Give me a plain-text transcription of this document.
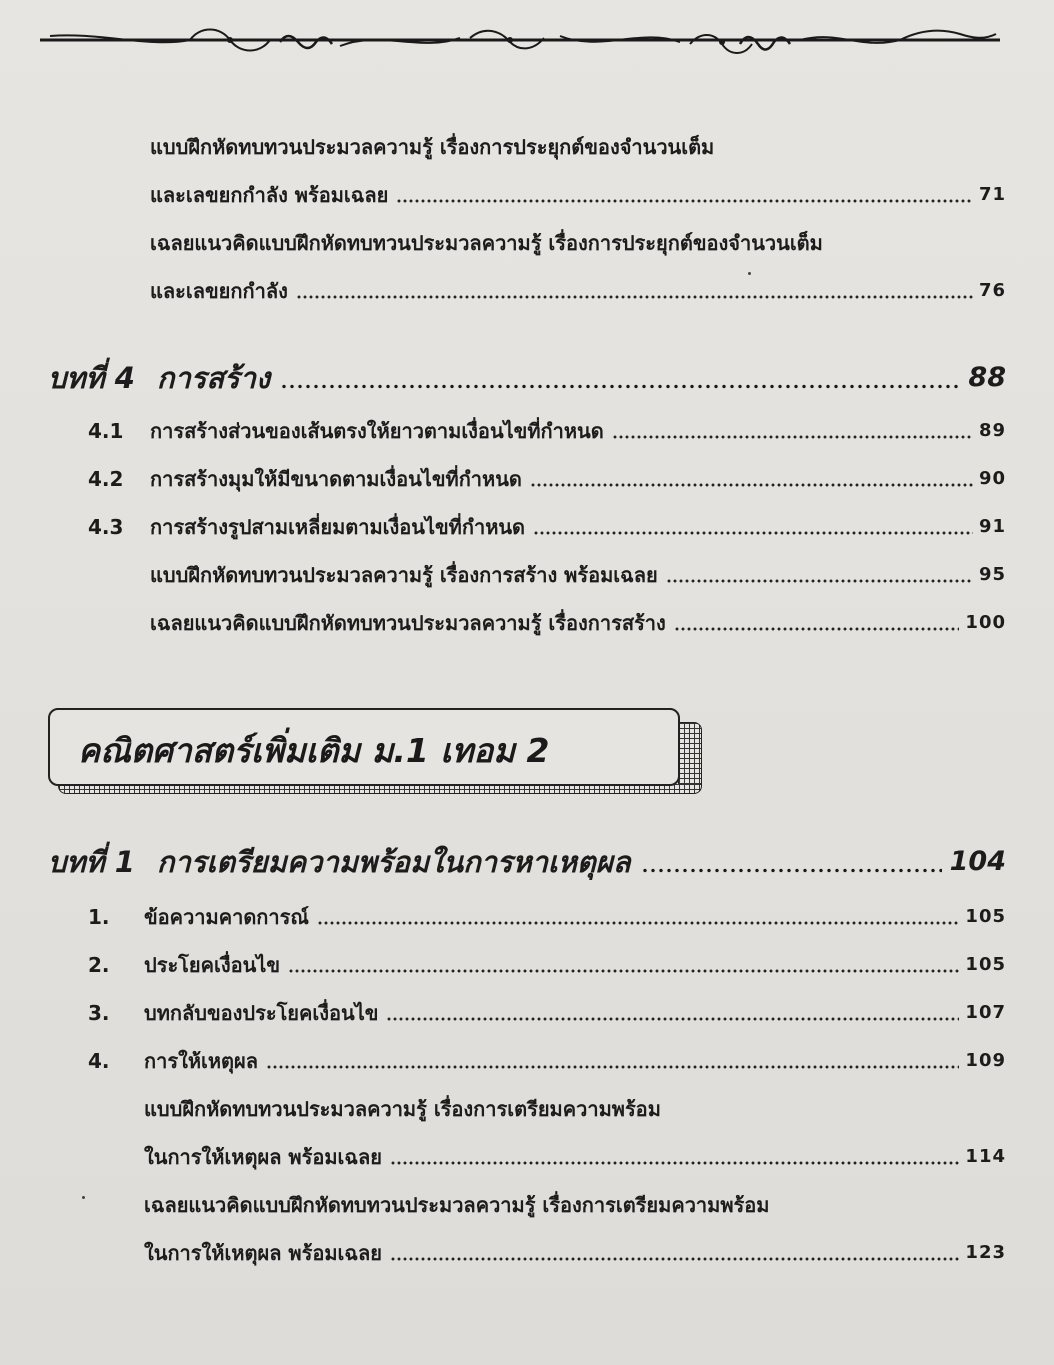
แบบฝึกหัดทบทวนประมวลความรู้ เรื่องการประยุกต์ของจำนวนเต็ม
และเลขยกกำลัง พร้อมเฉลย	71
เฉลยแนวคิดแบบฝึกหัดทบทวนประมวลความรู้ เรื่องการประยุกต์ของจำนวนเต็ม
และเลขยกกำลัง	76
บทที่ 4 การสร้าง	88
4.1	การสร้างส่วนของเส้นตรงให้ยาวตามเงื่อนไขที่กำหนด	89
4.2	การสร้างมุมให้มีขนาดตามเงื่อนไขที่กำหนด	90
4.3	การสร้างรูปสามเหลี่ยมตามเงื่อนไขที่กำหนด	91
แบบฝึกหัดทบทวนประมวลความรู้ เรื่องการสร้าง พร้อมเฉลย	95
เฉลยแนวคิดแบบฝึกหัดทบทวนประมวลความรู้ เรื่องการสร้าง	100
คณิตศาสตร์เพิ่มเติม ม.1 เทอม 2
บทที่ 1 การเตรียมความพร้อมในการหาเหตุผล	104
1.	ข้อความคาดการณ์	105
2.	ประโยคเงื่อนไข	105
3.	บทกลับของประโยคเงื่อนไข	107
4.	การให้เหตุผล	109
แบบฝึกหัดทบทวนประมวลความรู้ เรื่องการเตรียมความพร้อม
ในการให้เหตุผล พร้อมเฉลย	114
เฉลยแนวคิดแบบฝึกหัดทบทวนประมวลความรู้ เรื่องการเตรียมความพร้อม
ในการให้เหตุผล พร้อมเฉลย	123
